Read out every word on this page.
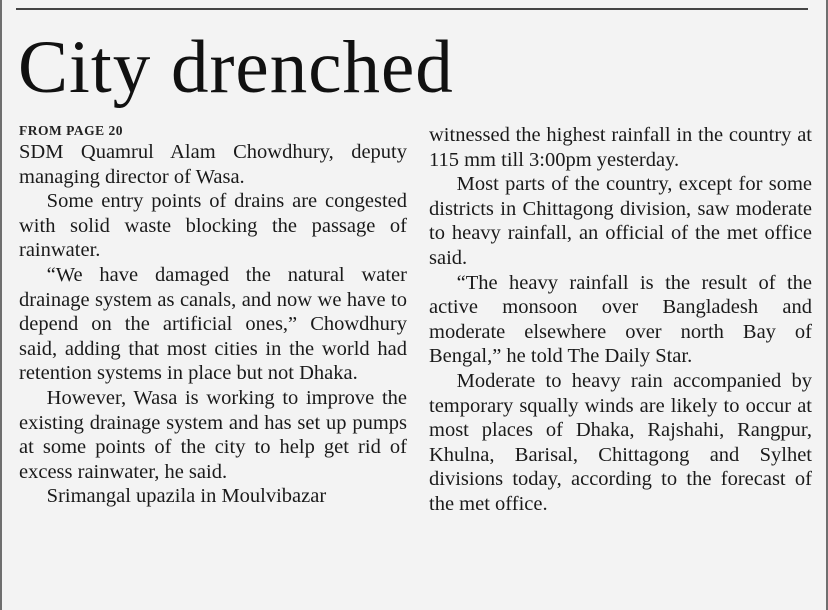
City drenched
FROM PAGE 20

SDM Quamrul Alam Chowdhury, deputy managing director of Wasa.

Some entry points of drains are congested with solid waste blocking the passage of rainwater.

“We have damaged the natural water drainage system as canals, and now we have to depend on the artificial ones,” Chowdhury said, adding that most cities in the world had retention systems in place but not Dhaka.

However, Wasa is working to improve the existing drainage system and has set up pumps at some points of the city to help get rid of excess rainwater, he said.

Srimangal upazila in Moulvibazar

witnessed the highest rainfall in the country at 115 mm till 3:00pm yesterday.

Most parts of the country, except for some districts in Chittagong division, saw moderate to heavy rainfall, an official of the met office said.

“The heavy rainfall is the result of the active monsoon over Bangladesh and moderate elsewhere over north Bay of Bengal,” he told The Daily Star.

Moderate to heavy rain accompanied by temporary squally winds are likely to occur at most places of Dhaka, Rajshahi, Rangpur, Khulna, Barisal, Chittagong and Sylhet divisions today, according to the forecast of the met office.
